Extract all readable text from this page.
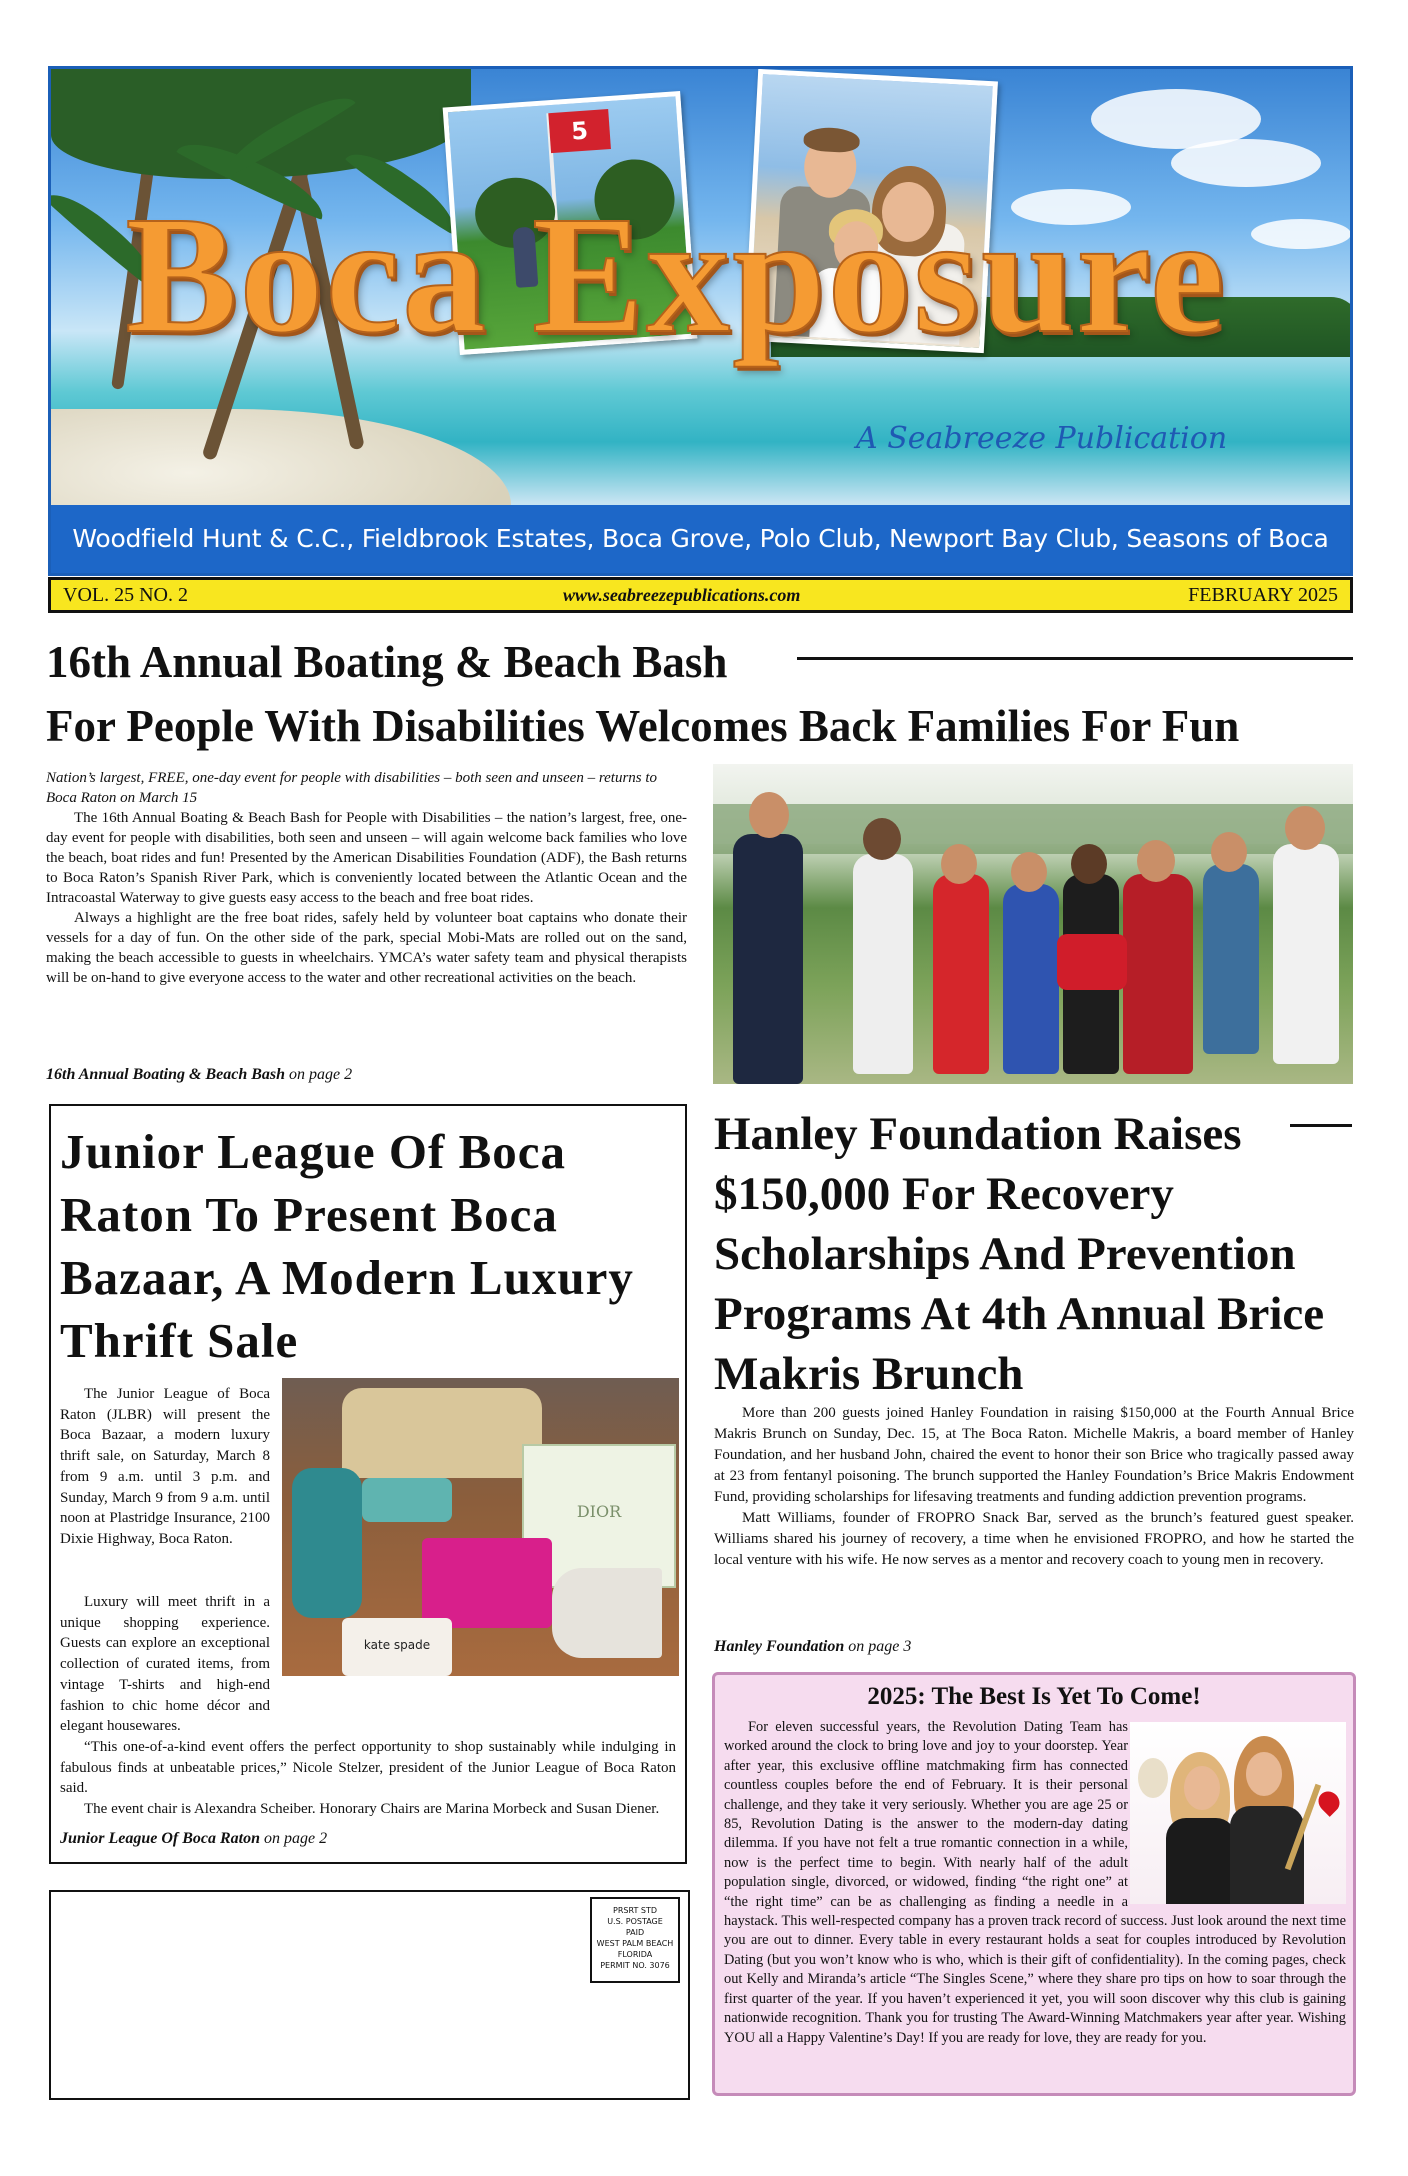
5
Boca Exposure
A Seabreeze Publication
Woodfield Hunt & C.C., Fieldbrook Estates, Boca Grove, Polo Club, Newport Bay Club, Seasons of Boca
VOL. 25 NO. 2	www.seabreezepublications.com	FEBRUARY 2025
16th Annual Boating & Beach Bash
For People With Disabilities Welcomes Back Families For Fun
Nation’s largest, FREE, one-day event for people with disabilities – both seen and unseen – returns to Boca Raton on March 15

The 16th Annual Boating & Beach Bash for People with Disabilities – the nation’s largest, free, one-day event for people with disabilities, both seen and unseen – will again welcome back families who love the beach, boat rides and fun! Presented by the American Disabilities Foundation (ADF), the Bash returns to Boca Raton’s Spanish River Park, which is conveniently located between the Atlantic Ocean and the Intracoastal Waterway to give guests easy access to the beach and free boat rides.

Always a highlight are the free boat rides, safely held by volunteer boat captains who donate their vessels for a day of fun. On the other side of the park, special Mobi-Mats are rolled out on the sand, making the beach accessible to guests in wheelchairs. YMCA’s water safety team and physical therapists will be on-hand to give everyone access to the water and other recreational activities on the beach.

16th Annual Boating & Beach Bash on page 2
Junior League Of Boca Raton To Present Boca Bazaar, A Modern Luxury Thrift Sale
DIOR
kate spade

The Junior League of Boca Raton (JLBR) will present the Boca Bazaar, a modern luxury thrift sale, on Saturday, March 8 from 9 a.m. until 3 p.m. and Sunday, March 9 from 9 a.m. until noon at Plastridge Insurance, 2100 Dixie Highway, Boca Raton.

Luxury will meet thrift in a unique shopping experience. Guests can explore an exceptional collection of curated items, from vintage T-shirts and high-end fashion to chic home décor and elegant housewares.

“This one-of-a-kind event offers the perfect opportunity to shop sustainably while indulging in fabulous finds at unbeatable prices,” Nicole Stelzer, president of the Junior League of Boca Raton said.

The event chair is Alexandra Scheiber. Honorary Chairs are Marina Morbeck and Susan Diener.

Junior League Of Boca Raton on page 2
Hanley Foundation Raises $150,000 For Recovery Scholarships And Prevention Programs At 4th Annual Brice Makris Brunch

More than 200 guests joined Hanley Foundation in raising $150,000 at the Fourth Annual Brice Makris Brunch on Sunday, Dec. 15, at The Boca Raton. Michelle Makris, a board member of Hanley Foundation, and her husband John, chaired the event to honor their son Brice who tragically passed away at 23 from fentanyl poisoning. The brunch supported the Hanley Foundation’s Brice Makris Endowment Fund, providing scholarships for lifesaving treatments and funding addiction prevention programs.

Matt Williams, founder of FROPRO Snack Bar, served as the brunch’s featured guest speaker. Williams shared his journey of recovery, a time when he envisioned FROPRO, and how he started the local venture with his wife. He now serves as a mentor and recovery coach to young men in recovery.

Hanley Foundation on page 3
2025: The Best Is Yet To Come!

For eleven successful years, the Revolution Dating Team has worked around the clock to bring love and joy to your doorstep. Year after year, this exclusive offline matchmaking firm has connected countless couples before the end of February. It is their personal challenge, and they take it very seriously. Whether you are age 25 or 85, Revolution Dating is the answer to the modern-day dating dilemma. If you have not felt a true romantic connection in a while, now is the perfect time to begin. With nearly half of the adult population single, divorced, or widowed, finding “the right one” at “the right time” can be as challenging as finding a needle in a haystack. This well-respected company has a proven track record of success. Just look around the next time you are out to dinner. Every table in every restaurant holds a seat for couples introduced by Revolution Dating (but you won’t know who is who, which is their gift of confidentiality). In the coming pages, check out Kelly and Miranda’s article “The Singles Scene,” where they share pro tips on how to soar through the first quarter of the year. If you haven’t experienced it yet, you will soon discover why this club is gaining nationwide recognition. Thank you for trusting The Award-Winning Matchmakers year after year. Wishing YOU all a Happy Valentine’s Day! If you are ready for love, they are ready for you.

PRSRT STD
U.S. POSTAGE
PAID
WEST PALM BEACH
FLORIDA
PERMIT NO. 3076
